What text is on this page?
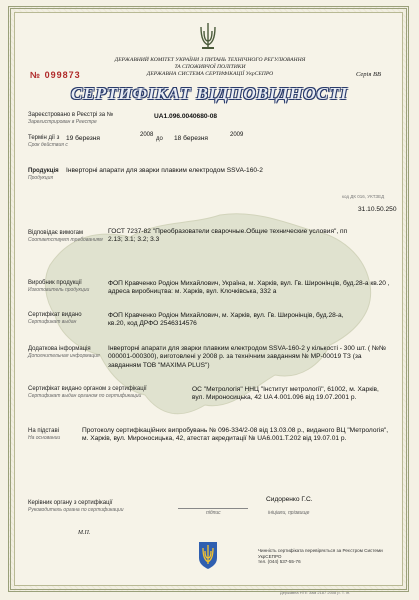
ДЕРЖАВНИЙ КОМІТЕТ УКРАЇНИ З ПИТАНЬ ТЕХНІЧНОГО РЕГУЛЮВАННЯ
ТА СПОЖИВЧОЇ ПОЛІТИКИ
ДЕРЖАВНА СИСТЕМА СЕРТИФІКАЦІЇ УкрСЕПРО
№ 099873	Серія ВВ
СЕРТИФІКАТ ВІДПОВІДНОСТІ
Зареєстровано в Реєстрі за №
Зарегистрирован в Реестре
UA1.096.0040680-08
Термін дії з
Срок действия с
19 березня	2008
до 18 березня	2009
Продукція
Продукция
Інверторні апарати для зварки плавким електродом SSVA-160-2
код ДК 016, УКТЗЕД
31.10.50.250
Відповідає вимогам
Соответствует требованиям
ГОСТ 7237-82 "Преобразователи сварочные.Общие технические условия", пп 2.13; 3.1; 3.2; 3.3
Виробник продукції
Изготовитель продукции
ФОП Кравченко Родіон Михайлович, Україна, м. Харків, вул. Гв. Широнінців, буд.28-а кв.20 , адреса виробництва: м. Харків, вул. Клочківська, 332 а
Сертифікат видано
Сертификат выдан
ФОП Кравченко Родіон Михайлович, м. Харків, вул. Гв. Широнінців, буд.28-а, кв.20, код ДРФО 2546314576
Додаткова інформація
Дополнительная информация
Інверторні апарати для зварки плавким електродом SSVA-160-2 у кількості - 300 шт. ( №№ 000001-000300), виготовлені у 2008 р. за технічним завданням № МР-00019 ТЗ (за завданням ТОВ "MAXIMA PLUS")
Сертифікат видано органом з сертифікації
Сертификат выдан органом по сертификации
ОС "Метрологія" ННЦ "Інститут метрології", 61002, м. Харків, вул. Мироносицька, 42 UA 4.001.096 від 19.07.2001 р.
На підставі
На основании
Протоколу сертифікаційних випробувань № 096-334/2-08 від 13.03.08 р., виданого ВЦ "Метрологія", м. Харків, вул. Мироносицька, 42, атестат акредитації № UA6.001.Т.202 від 19.07.01 р.
Керівник органу з сертифікації
Руководитель органа по сертификации	підпис
Сидоренко Г.С.
ініціали, прізвище
М.П.
Чинність сертифіката перевіряється за Реєстром Системи УкрСЕПРО
тел. (044) 537-55-76
Державна НТЕ Зам 2187 2008 р. Т. ін.
